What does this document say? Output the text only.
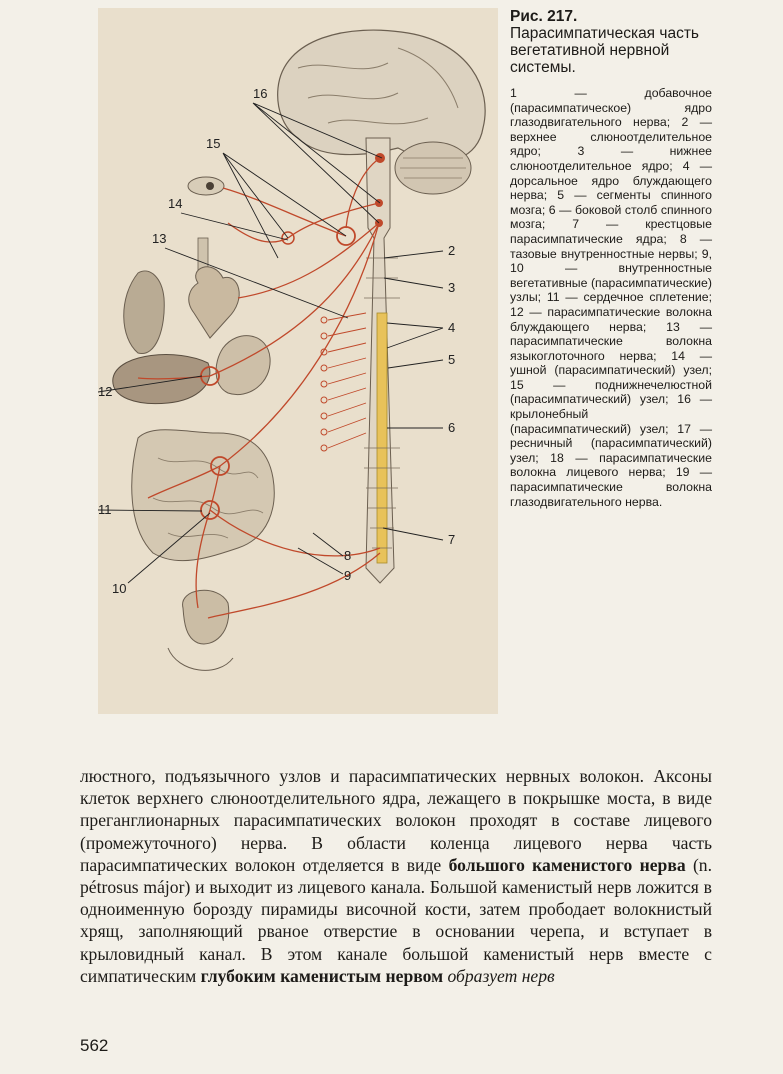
16
15
14
13
12
11
10
2
3
4
5
6
7
8
9

Рис. 217. Парасимпатическая часть вегетативной нервной системы.

1 — добавочное (парасимпатическое) ядро глазодвигательного нерва; 2 — верхнее слюноотделительное ядро; 3 — нижнее слюноотделительное ядро; 4 — дорсальное ядро блуждающего нерва; 5 — сегменты спинного мозга; 6 — боковой столб спинного мозга; 7 — крестцовые парасимпатические ядра; 8 — тазовые внутренностные нервы; 9, 10 — внутренностные вегетативные (парасимпатические) узлы; 11 — сердечное сплетение; 12 — парасимпатические волокна блуждающего нерва; 13 — парасимпатические волокна языкоглоточного нерва; 14 — ушной (парасимпатический) узел; 15 — поднижнечелюстной (парасимпатический) узел; 16 — крылонебный (парасимпатический) узел; 17 — ресничный (парасимпатический) узел; 18 — парасимпатические волокна лицевого нерва; 19 — парасимпатические волокна глазодвигательного нерва.

люстного, подъязычного узлов и парасимпатических нервных волокон. Аксоны клеток верхнего слюноотделительного ядра, лежащего в покрышке моста, в виде преганглионарных парасимпатических волокон проходят в составе лицевого (промежуточного) нерва. В области коленца лицевого нерва часть парасимпатических волокон отделяется в виде большого каменистого нерва (n. pétrosus májor) и выходит из лицевого канала. Большой каменистый нерв ложится в одноименную борозду пирамиды височной кости, затем прободает волокнистый хрящ, заполняющий рваное отверстие в основании черепа, и вступает в крыловидный канал. В этом канале большой каменистый нерв вместе с симпатическим глубоким каменистым нервом образует нерв
562
